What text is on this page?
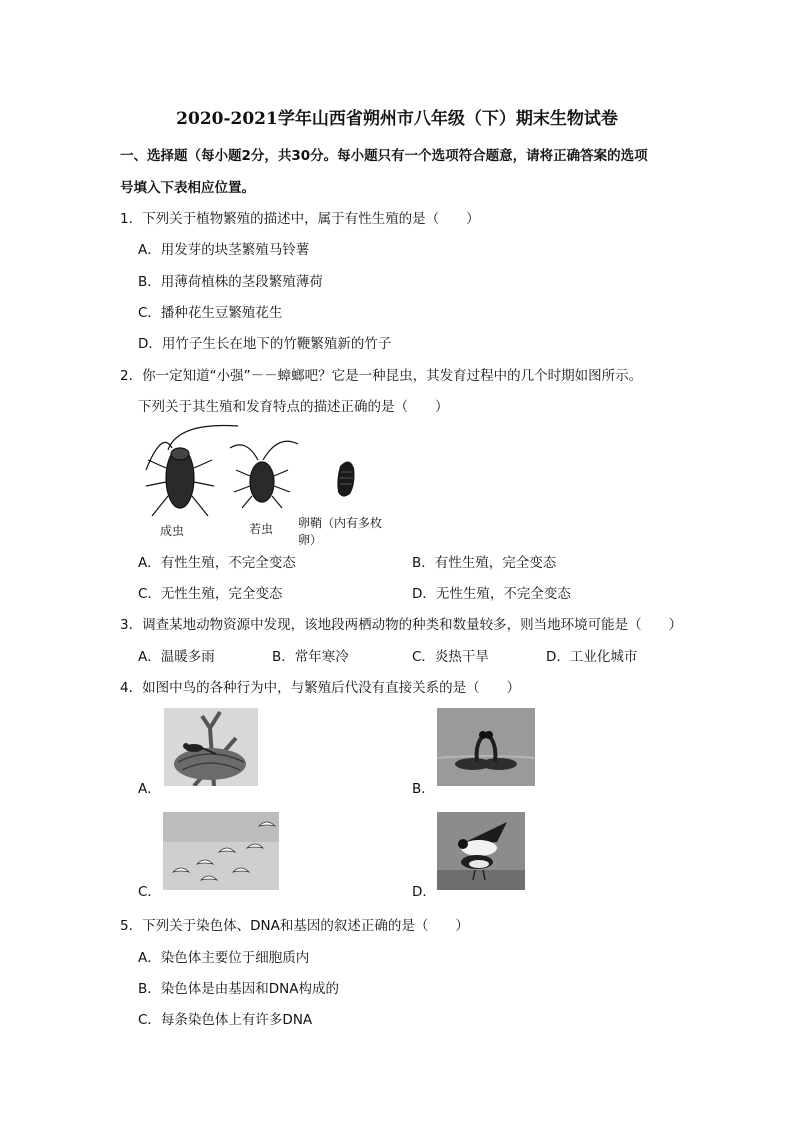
2020-2021学年山西省朔州市八年级（下）期末生物试卷
一、选择题（每小题2分，共30分。每小题只有一个选项符合题意，请将正确答案的选项
号填入下表相应位置。
1．下列关于植物繁殖的描述中，属于有性生殖的是（　　）
A．用发芽的块茎繁殖马铃薯
B．用薄荷植株的茎段繁殖薄荷
C．播种花生豆繁殖花生
D．用竹子生长在地下的竹鞭繁殖新的竹子
2．你一定知道“小强”－－蟑螂吧？它是一种昆虫，其发育过程中的几个时期如图所示。
下列关于其生殖和发育特点的描述正确的是（　　）
成虫	若虫 卵鞘（内有多枚卵）
A．有性生殖，不完全变态	B．有性生殖，完全变态
C．无性生殖，完全变态	D．无性生殖，不完全变态
3．调查某地动物资源中发现，该地段两栖动物的种类和数量较多，则当地环境可能是（　　）
A．温暖多雨	B．常年寒冷	C．炎热干旱	D．工业化城市
4．如图中鸟的各种行为中，与繁殖后代没有直接关系的是（　　）
A．	B．
C．	D．
5．下列关于染色体、DNA和基因的叙述正确的是（　　）
A．染色体主要位于细胞质内
B．染色体是由基因和DNA构成的
C．每条染色体上有许多DNA
